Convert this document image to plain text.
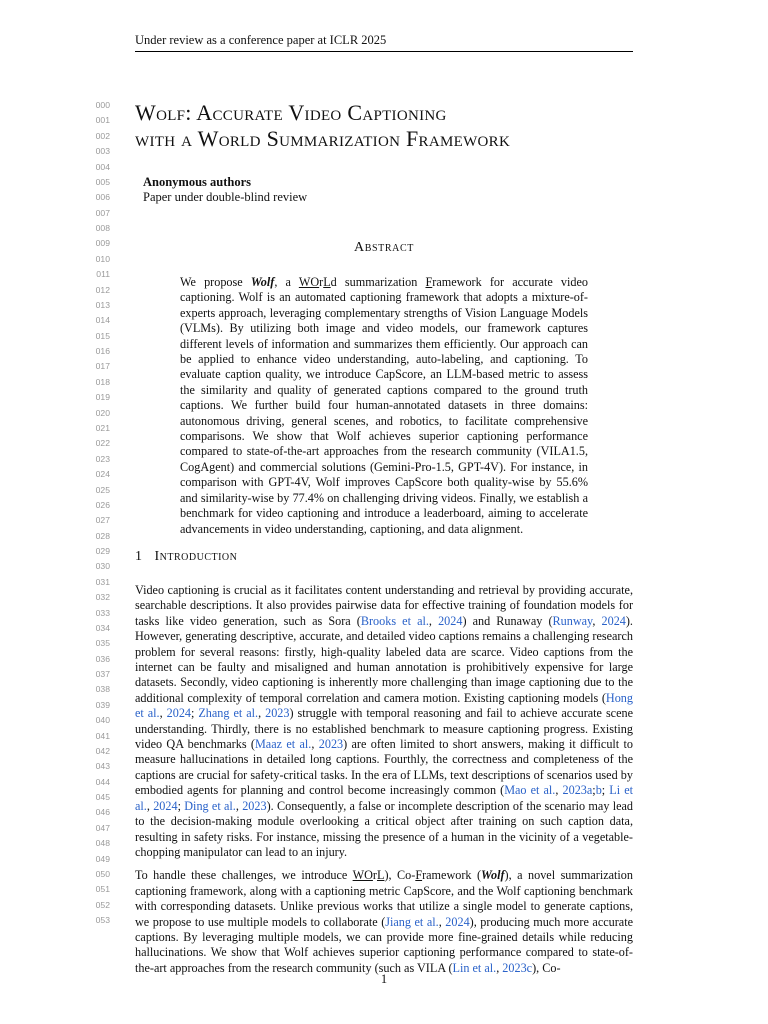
Under review as a conference paper at ICLR 2025
000
001
002
003
004
005
006
007
008
009
010
011
012
013
014
015
016
017
018
019
020
021
022
023
024
025
026
027
028
029
030
031
032
033
034
035
036
037
038
039
040
041
042
043
044
045
046
047
048
049
050
051
052
053
Wolf: Accurate Video Captioning
with a World Summarization Framework
Anonymous authors
Paper under double-blind review
Abstract
We propose Wolf, a WOrLd summarization Framework for accurate video captioning. Wolf is an automated captioning framework that adopts a mixture-of-experts approach, leveraging complementary strengths of Vision Language Models (VLMs). By utilizing both image and video models, our framework captures different levels of information and summarizes them efficiently. Our approach can be applied to enhance video understanding, auto-labeling, and captioning. To evaluate caption quality, we introduce CapScore, an LLM-based metric to assess the similarity and quality of generated captions compared to the ground truth captions. We further build four human-annotated datasets in three domains: autonomous driving, general scenes, and robotics, to facilitate comprehensive comparisons. We show that Wolf achieves superior captioning performance compared to state-of-the-art approaches from the research community (VILA1.5, CogAgent) and commercial solutions (Gemini-Pro-1.5, GPT-4V). For instance, in comparison with GPT-4V, Wolf improves CapScore both quality-wise by 55.6% and similarity-wise by 77.4% on challenging driving videos. Finally, we establish a benchmark for video captioning and introduce a leaderboard, aiming to accelerate advancements in video understanding, captioning, and data alignment.
1 Introduction

Video captioning is crucial as it facilitates content understanding and retrieval by providing accurate, searchable descriptions. It also provides pairwise data for effective training of foundation models for tasks like video generation, such as Sora (Brooks et al., 2024) and Runaway (Runway, 2024). However, generating descriptive, accurate, and detailed video captions remains a challenging research problem for several reasons: firstly, high-quality labeled data are scarce. Video captions from the internet can be faulty and misaligned and human annotation is prohibitively expensive for large datasets. Secondly, video captioning is inherently more challenging than image captioning due to the additional complexity of temporal correlation and camera motion. Existing captioning models (Hong et al., 2024; Zhang et al., 2023) struggle with temporal reasoning and fail to achieve accurate scene understanding. Thirdly, there is no established benchmark to measure captioning progress. Existing video QA benchmarks (Maaz et al., 2023) are often limited to short answers, making it difficult to measure hallucinations in detailed long captions. Fourthly, the correctness and completeness of the captions are crucial for safety-critical tasks. In the era of LLMs, text descriptions of scenarios used by embodied agents for planning and control become increasingly common (Mao et al., 2023a;b; Li et al., 2024; Ding et al., 2023). Consequently, a false or incomplete description of the scenario may lead to the decision-making module overlooking a critical object after training on such caption data, resulting in safety risks. For instance, missing the presence of a human in the vicinity of a vegetable-chopping manipulator can lead to an injury.

To handle these challenges, we introduce WOrL), Co-Framework (Wolf), a novel summarization captioning framework, along with a captioning metric CapScore, and the Wolf captioning benchmark with corresponding datasets. Unlike previous works that utilize a single model to generate captions, we propose to use multiple models to collaborate (Jiang et al., 2024), producing much more accurate captions. By leveraging multiple models, we can provide more fine-grained details while reducing hallucinations. We show that Wolf achieves superior captioning performance compared to state-of-the-art approaches from the research community (such as VILA (Lin et al., 2023c), Co-

1
